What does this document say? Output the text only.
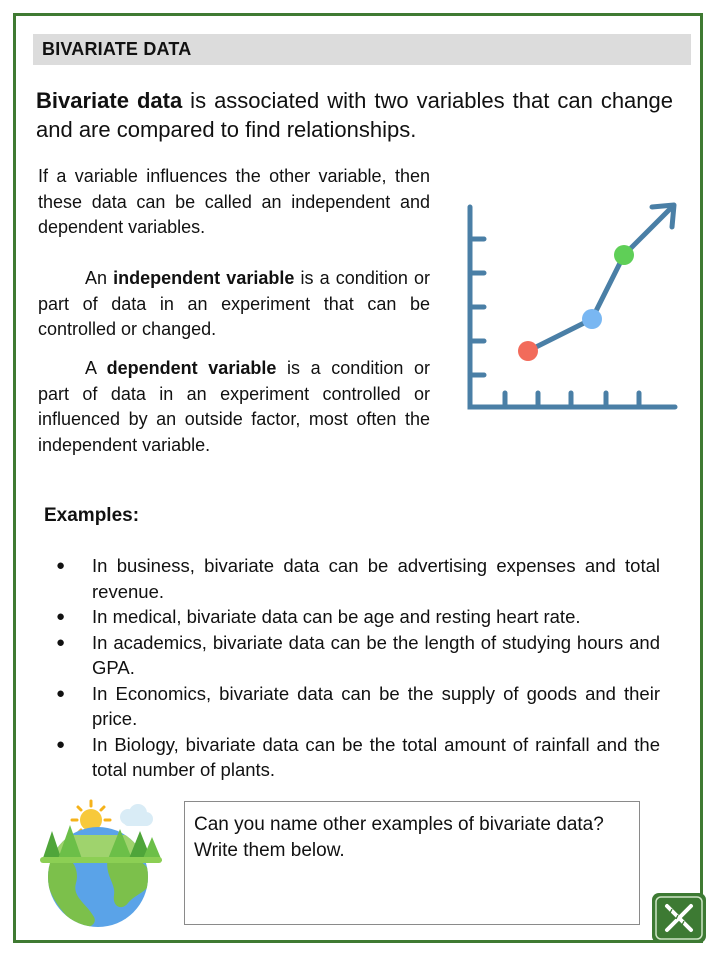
BIVARIATE DATA

Bivariate data is associated with two variables that can change and are compared to find relationships.

If a variable influences the other variable, then these data can be called an independent and dependent variables.

An independent variable is a condition or part of data in an experiment that can be controlled or changed.

A dependent variable is a condition or part of data in an experiment controlled or influenced by an outside factor, most often the independent variable.

Examples:

● In business, bivariate data can be advertising expenses and total revenue.
● In medical, bivariate data can be age and resting heart rate.
● In academics, bivariate data can be the length of studying hours and GPA.
● In Economics, bivariate data can be the supply of goods and their price.
● In Biology, bivariate data can be the total amount of rainfall and the total number of plants.
Can you name other examples of bivariate data? Write them below.
